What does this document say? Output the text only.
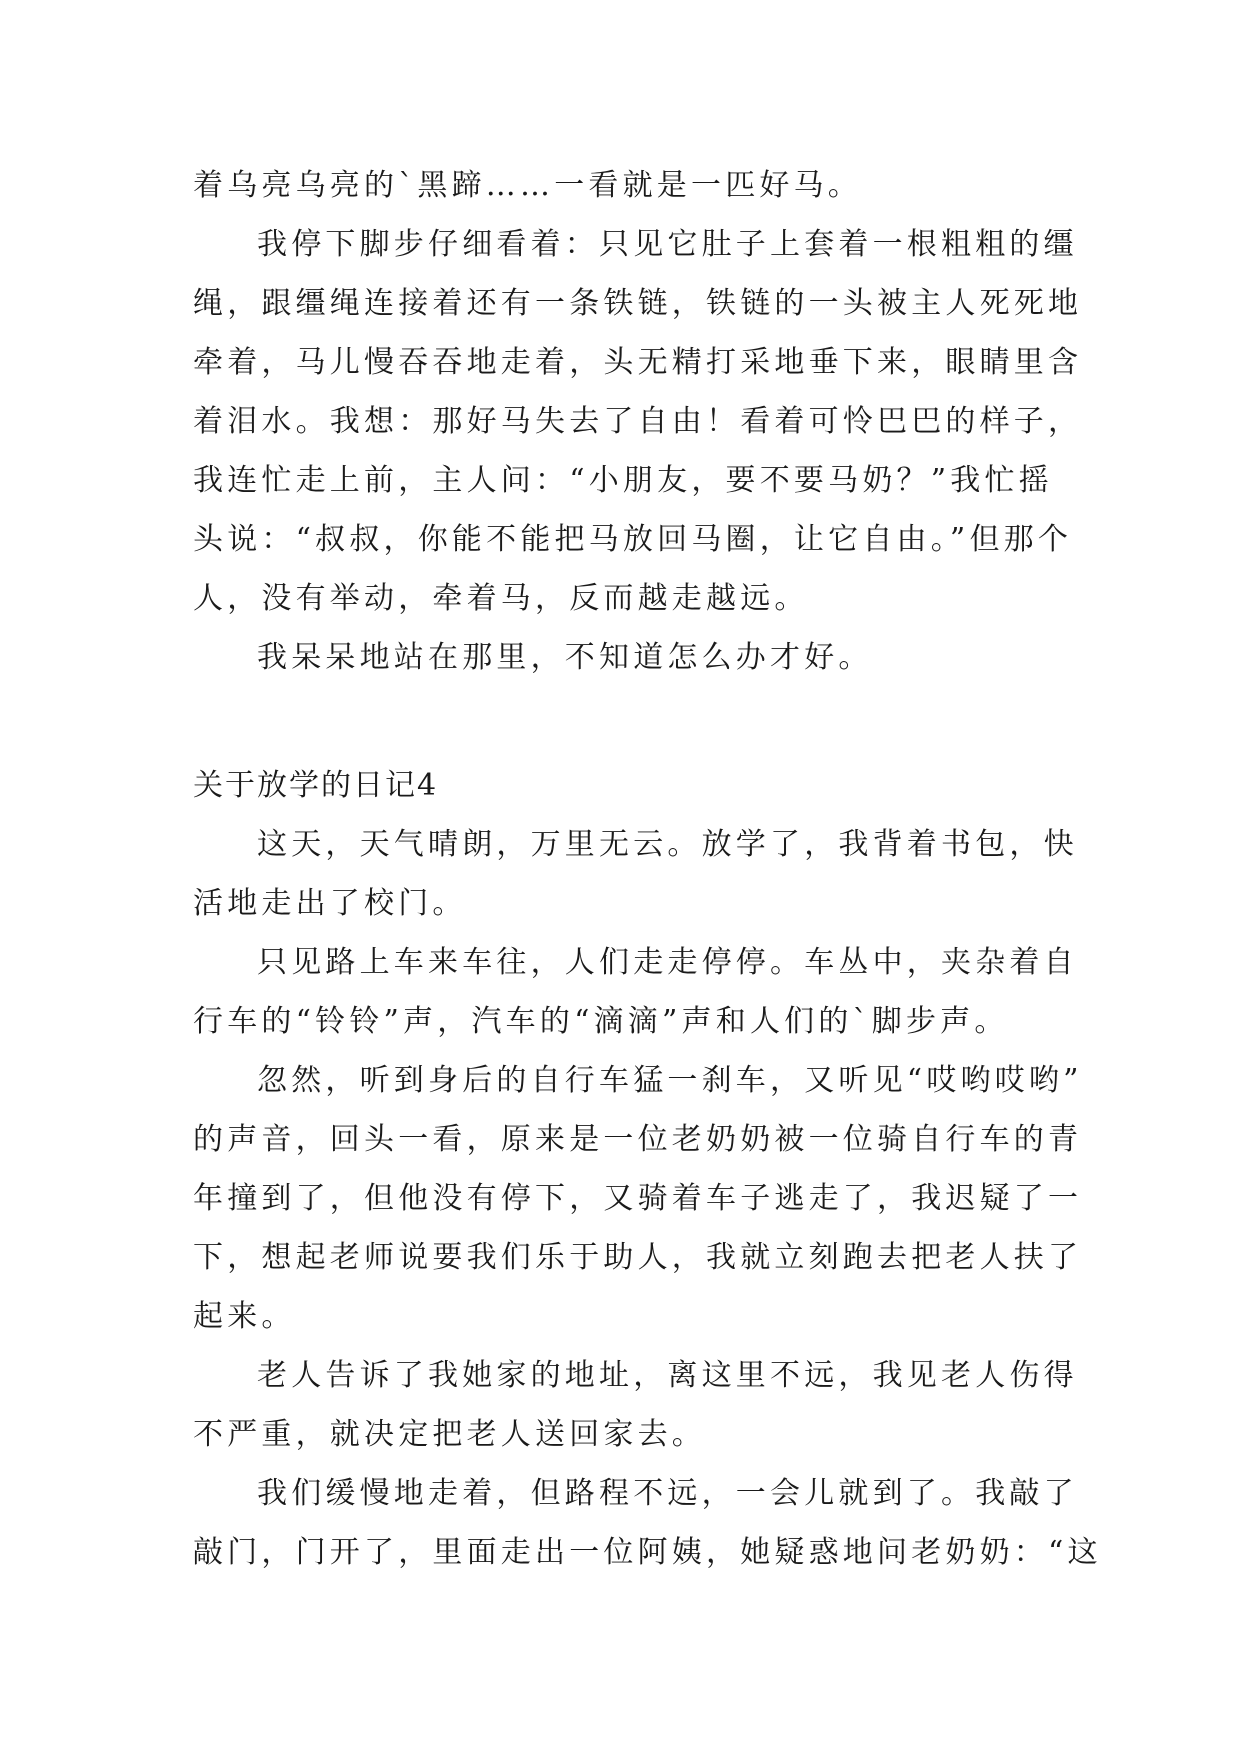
着乌亮乌亮的`黑蹄……一看就是一匹好马。
我停下脚步仔细看着：只见它肚子上套着一根粗粗的缰
绳，跟缰绳连接着还有一条铁链，铁链的一头被主人死死地
牵着，马儿慢吞吞地走着，头无精打采地垂下来，眼睛里含
着泪水。我想：那好马失去了自由！看着可怜巴巴的样子，
我连忙走上前，主人问：“小朋友，要不要马奶？”我忙摇
头说：“叔叔，你能不能把马放回马圈，让它自由。”但那个
人，没有举动，牵着马，反而越走越远。
我呆呆地站在那里，不知道怎么办才好。
关于放学的日记4
这天，天气晴朗，万里无云。放学了，我背着书包，快
活地走出了校门。
只见路上车来车往，人们走走停停。车丛中，夹杂着自
行车的“铃铃”声，汽车的“滴滴”声和人们的`脚步声。
忽然，听到身后的自行车猛一刹车，又听见“哎哟哎哟”
的声音，回头一看，原来是一位老奶奶被一位骑自行车的青
年撞到了，但他没有停下，又骑着车子逃走了，我迟疑了一
下，想起老师说要我们乐于助人，我就立刻跑去把老人扶了
起来。
老人告诉了我她家的地址，离这里不远，我见老人伤得
不严重，就决定把老人送回家去。
我们缓慢地走着，但路程不远，一会儿就到了。我敲了
敲门，门开了，里面走出一位阿姨，她疑惑地问老奶奶：“这
